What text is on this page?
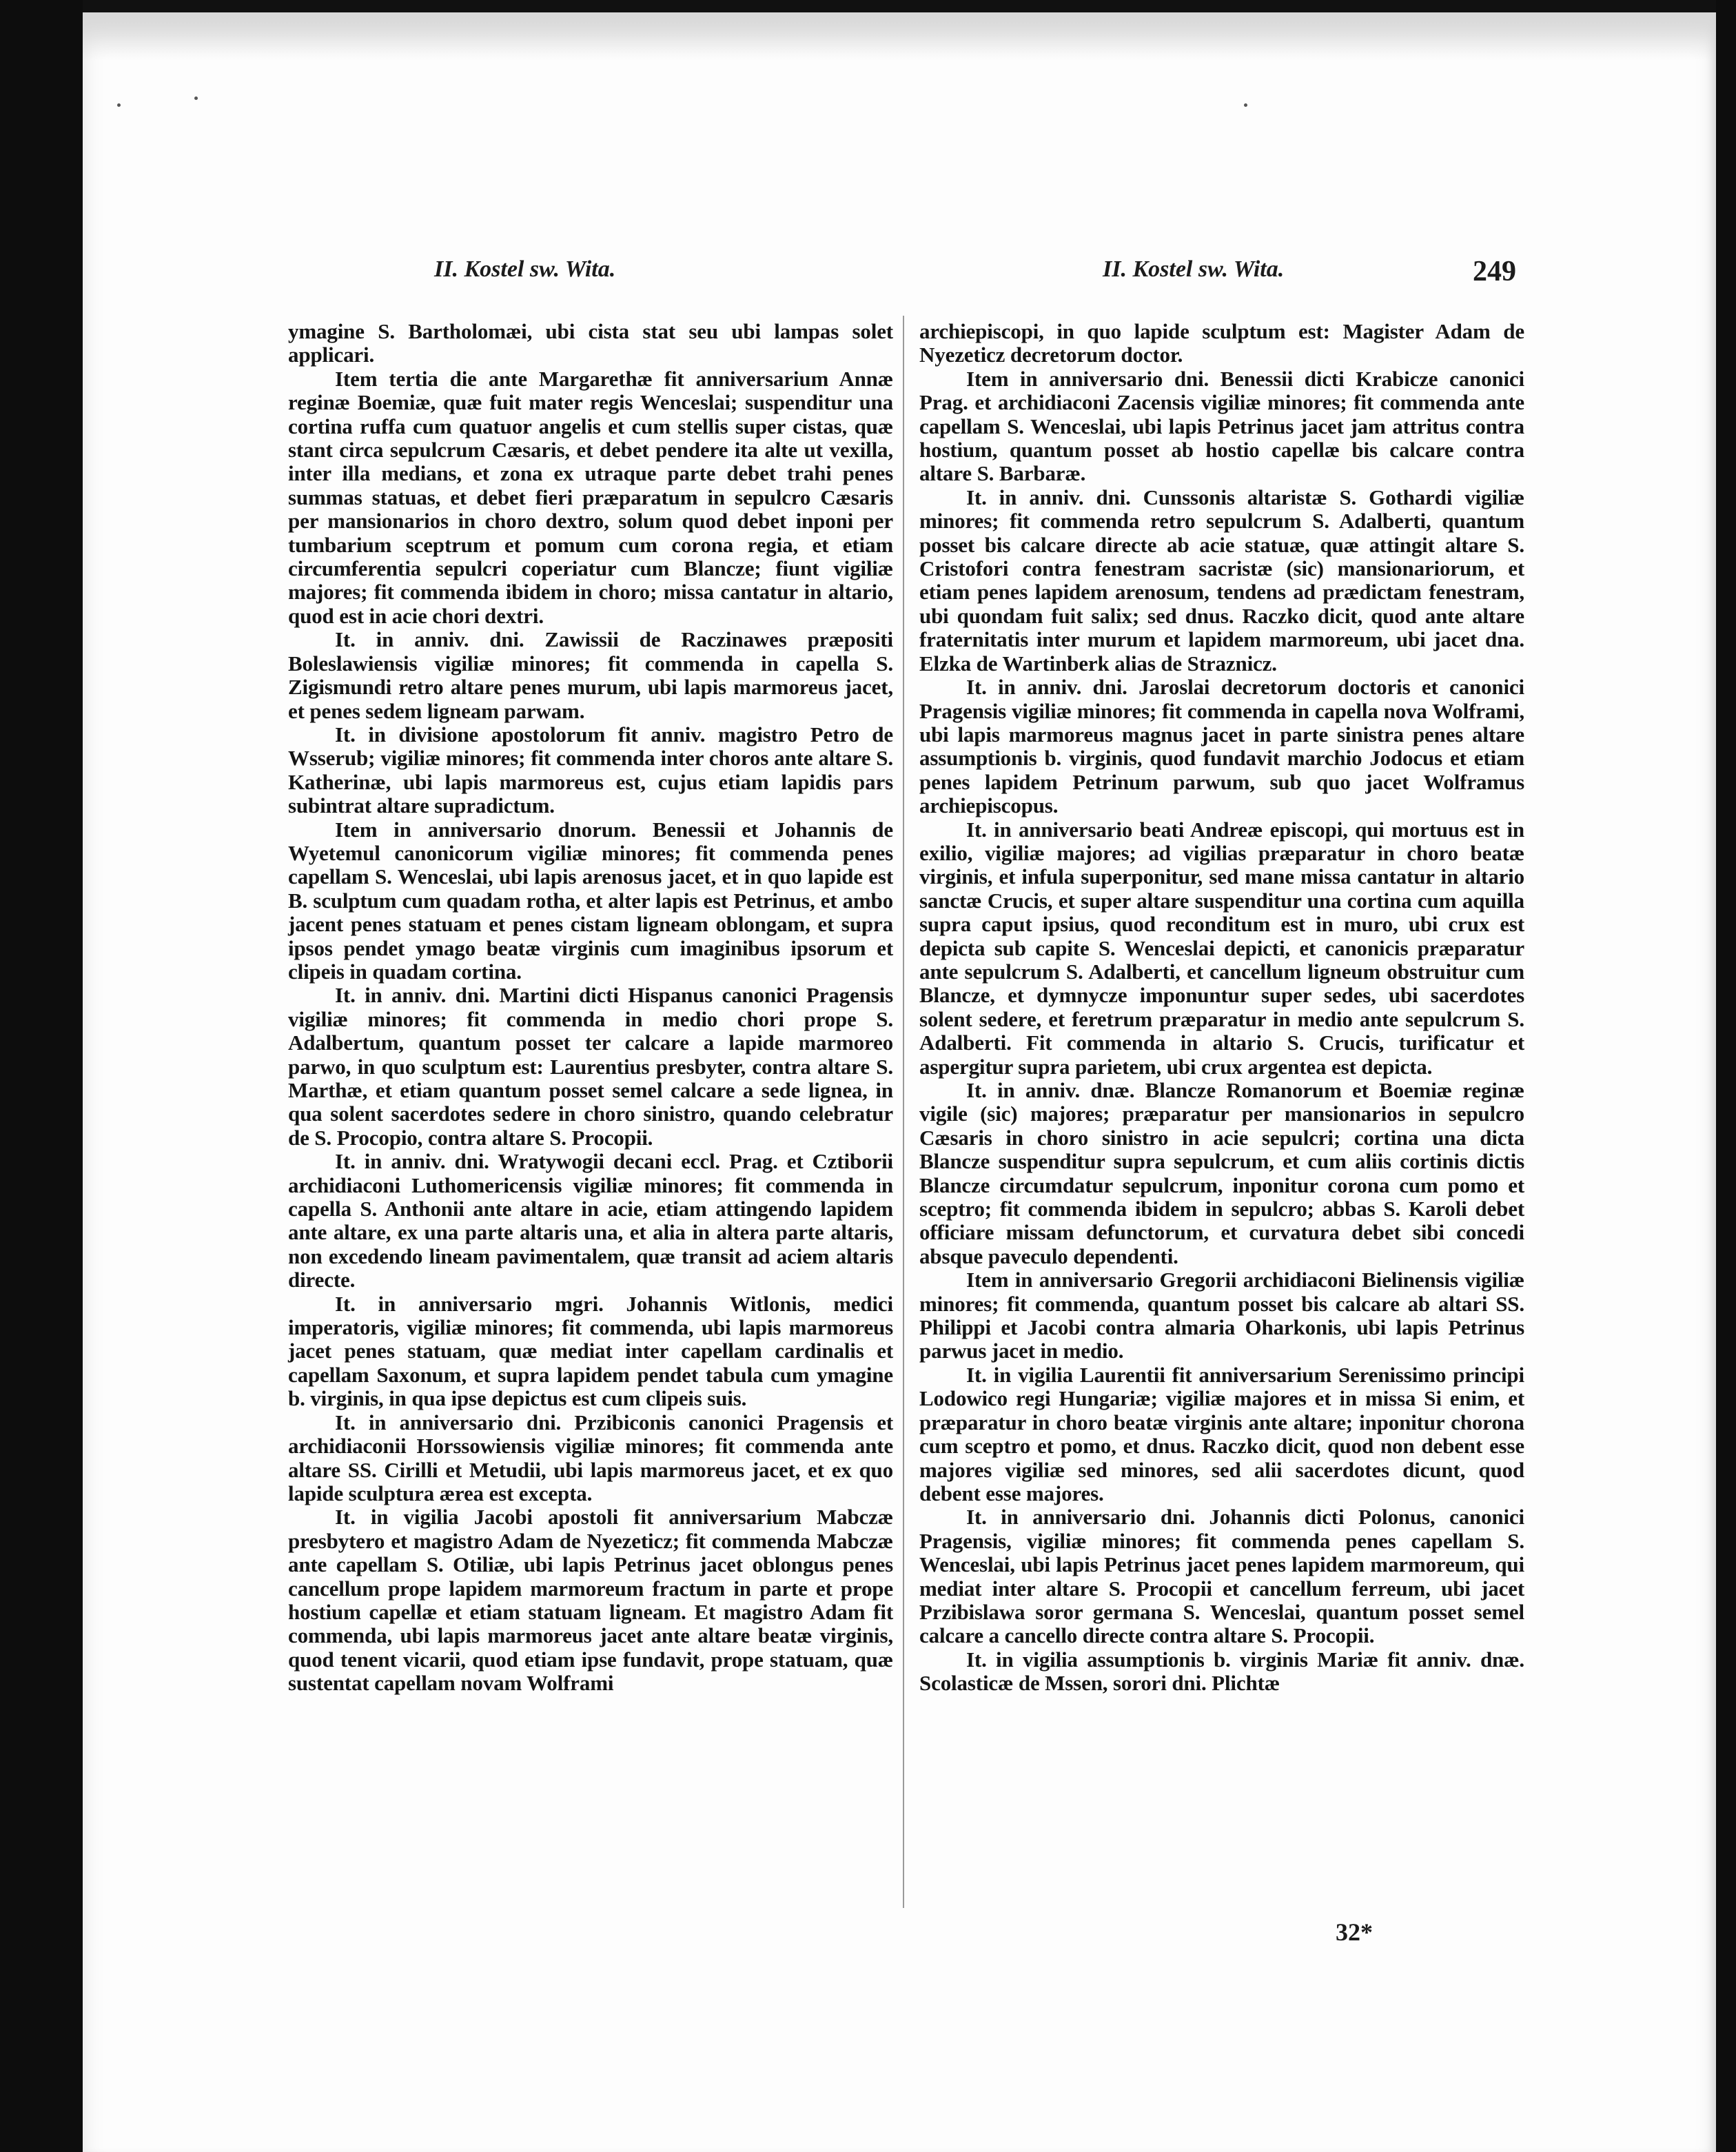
II. Kostel sw. Wita.	II. Kostel sw. Wita.	249

ymagine S. Bartholomæi, ubi cista stat seu ubi lampas solet applicari.

Item tertia die ante Margarethæ fit anniversarium Annæ reginæ Boemiæ, quæ fuit mater regis Wenceslai; suspenditur una cortina ruffa cum quatuor angelis et cum stellis super cistas, quæ stant circa sepulcrum Cæsaris, et debet pendere ita alte ut vexilla, inter illa medians, et zona ex utraque parte debet trahi penes summas statuas, et debet fieri præparatum in sepulcro Cæsaris per mansionarios in choro dextro, solum quod debet inponi per tumbarium sceptrum et pomum cum corona regia, et etiam circumferentia sepulcri coperiatur cum Blancze; fiunt vigiliæ majores; fit commenda ibidem in choro; missa cantatur in altario, quod est in acie chori dextri.

It. in anniv. dni. Zawissii de Raczinawes præpositi Boleslawiensis vigiliæ minores; fit commenda in capella S. Zigismundi retro altare penes murum, ubi lapis marmoreus jacet, et penes sedem ligneam parwam.

It. in divisione apostolorum fit anniv. magistro Petro de Wsserub; vigiliæ minores; fit commenda inter choros ante altare S. Katherinæ, ubi lapis marmoreus est, cujus etiam lapidis pars subintrat altare supradictum.

Item in anniversario dnorum. Benessii et Johannis de Wyetemul canonicorum vigiliæ minores; fit commenda penes capellam S. Wenceslai, ubi lapis arenosus jacet, et in quo lapide est B. sculptum cum quadam rotha, et alter lapis est Petrinus, et ambo jacent penes statuam et penes cistam ligneam oblongam, et supra ipsos pendet ymago beatæ virginis cum imaginibus ipsorum et clipeis in quadam cortina.

It. in anniv. dni. Martini dicti Hispanus canonici Pragensis vigiliæ minores; fit commenda in medio chori prope S. Adalbertum, quantum posset ter calcare a lapide marmoreo parwo, in quo sculptum est: Laurentius presbyter, contra altare S. Marthæ, et etiam quantum posset semel calcare a sede lignea, in qua solent sacerdotes sedere in choro sinistro, quando celebratur de S. Procopio, contra altare S. Procopii.

It. in anniv. dni. Wratywogii decani eccl. Prag. et Cztiborii archidiaconi Luthomericensis vigiliæ minores; fit commenda in capella S. Anthonii ante altare in acie, etiam attingendo lapidem ante altare, ex una parte altaris una, et alia in altera parte altaris, non excedendo lineam pavimentalem, quæ transit ad aciem altaris directe.

It. in anniversario mgri. Johannis Witlonis, medici imperatoris, vigiliæ minores; fit commenda, ubi lapis marmoreus jacet penes statuam, quæ mediat inter capellam cardinalis et capellam Saxonum, et supra lapidem pendet tabula cum ymagine b. virginis, in qua ipse depictus est cum clipeis suis.

It. in anniversario dni. Przibiconis canonici Pragensis et archidiaconii Horssowiensis vigiliæ minores; fit commenda ante altare SS. Cirilli et Metudii, ubi lapis marmoreus jacet, et ex quo lapide sculptura ærea est excepta.

It. in vigilia Jacobi apostoli fit anniversarium Mabczæ presbytero et magistro Adam de Nyezeticz; fit commenda Mabczæ ante capellam S. Otiliæ, ubi lapis Petrinus jacet oblongus penes cancellum prope lapidem marmoreum fractum in parte et prope hostium capellæ et etiam statuam ligneam. Et magistro Adam fit commenda, ubi lapis marmoreus jacet ante altare beatæ virginis, quod tenent vicarii, quod etiam ipse fundavit, prope statuam, quæ sustentat capellam novam Wolframi

archiepiscopi, in quo lapide sculptum est: Magister Adam de Nyezeticz decretorum doctor.

Item in anniversario dni. Benessii dicti Krabicze canonici Prag. et archidiaconi Zacensis vigiliæ minores; fit commenda ante capellam S. Wenceslai, ubi lapis Petrinus jacet jam attritus contra hostium, quantum posset ab hostio capellæ bis calcare contra altare S. Barbaræ.

It. in anniv. dni. Cunssonis altaristæ S. Gothardi vigiliæ minores; fit commenda retro sepulcrum S. Adalberti, quantum posset bis calcare directe ab acie statuæ, quæ attingit altare S. Cristofori contra fenestram sacristæ (sic) mansionariorum, et etiam penes lapidem arenosum, tendens ad prædictam fenestram, ubi quondam fuit salix; sed dnus. Raczko dicit, quod ante altare fraternitatis inter murum et lapidem marmoreum, ubi jacet dna. Elzka de Wartinberk alias de Straznicz.

It. in anniv. dni. Jaroslai decretorum doctoris et canonici Pragensis vigiliæ minores; fit commenda in capella nova Wolframi, ubi lapis marmoreus magnus jacet in parte sinistra penes altare assumptionis b. virginis, quod fundavit marchio Jodocus et etiam penes lapidem Petrinum parwum, sub quo jacet Wolframus archiepiscopus.

It. in anniversario beati Andreæ episcopi, qui mortuus est in exilio, vigiliæ majores; ad vigilias præparatur in choro beatæ virginis, et infula superponitur, sed mane missa cantatur in altario sanctæ Crucis, et super altare suspenditur una cortina cum aquilla supra caput ipsius, quod reconditum est in muro, ubi crux est depicta sub capite S. Wenceslai depicti, et canonicis præparatur ante sepulcrum S. Adalberti, et cancellum ligneum obstruitur cum Blancze, et dymnycze imponuntur super sedes, ubi sacerdotes solent sedere, et feretrum præparatur in medio ante sepulcrum S. Adalberti. Fit commenda in altario S. Crucis, turificatur et aspergitur supra parietem, ubi crux argentea est depicta.

It. in anniv. dnæ. Blancze Romanorum et Boemiæ reginæ vigile (sic) majores; præparatur per mansionarios in sepulcro Cæsaris in choro sinistro in acie sepulcri; cortina una dicta Blancze suspenditur supra sepulcrum, et cum aliis cortinis dictis Blancze circumdatur sepulcrum, inponitur corona cum pomo et sceptro; fit commenda ibidem in sepulcro; abbas S. Karoli debet officiare missam defunctorum, et curvatura debet sibi concedi absque paveculo dependenti.

Item in anniversario Gregorii archidiaconi Bielinensis vigiliæ minores; fit commenda, quantum posset bis calcare ab altari SS. Philippi et Jacobi contra almaria Oharkonis, ubi lapis Petrinus parwus jacet in medio.

It. in vigilia Laurentii fit anniversarium Serenissimo principi Lodowico regi Hungariæ; vigiliæ majores et in missa Si enim, et præparatur in choro beatæ virginis ante altare; inponitur chorona cum sceptro et pomo, et dnus. Raczko dicit, quod non debent esse majores vigiliæ sed minores, sed alii sacerdotes dicunt, quod debent esse majores.

It. in anniversario dni. Johannis dicti Polonus, canonici Pragensis, vigiliæ minores; fit commenda penes capellam S. Wenceslai, ubi lapis Petrinus jacet penes lapidem marmoreum, qui mediat inter altare S. Procopii et cancellum ferreum, ubi jacet Przibislawa soror germana S. Wenceslai, quantum posset semel calcare a cancello directe contra altare S. Procopii.

It. in vigilia assumptionis b. virginis Mariæ fit anniv. dnæ. Scolasticæ de Mssen, sorori dni. Plichtæ

32*
